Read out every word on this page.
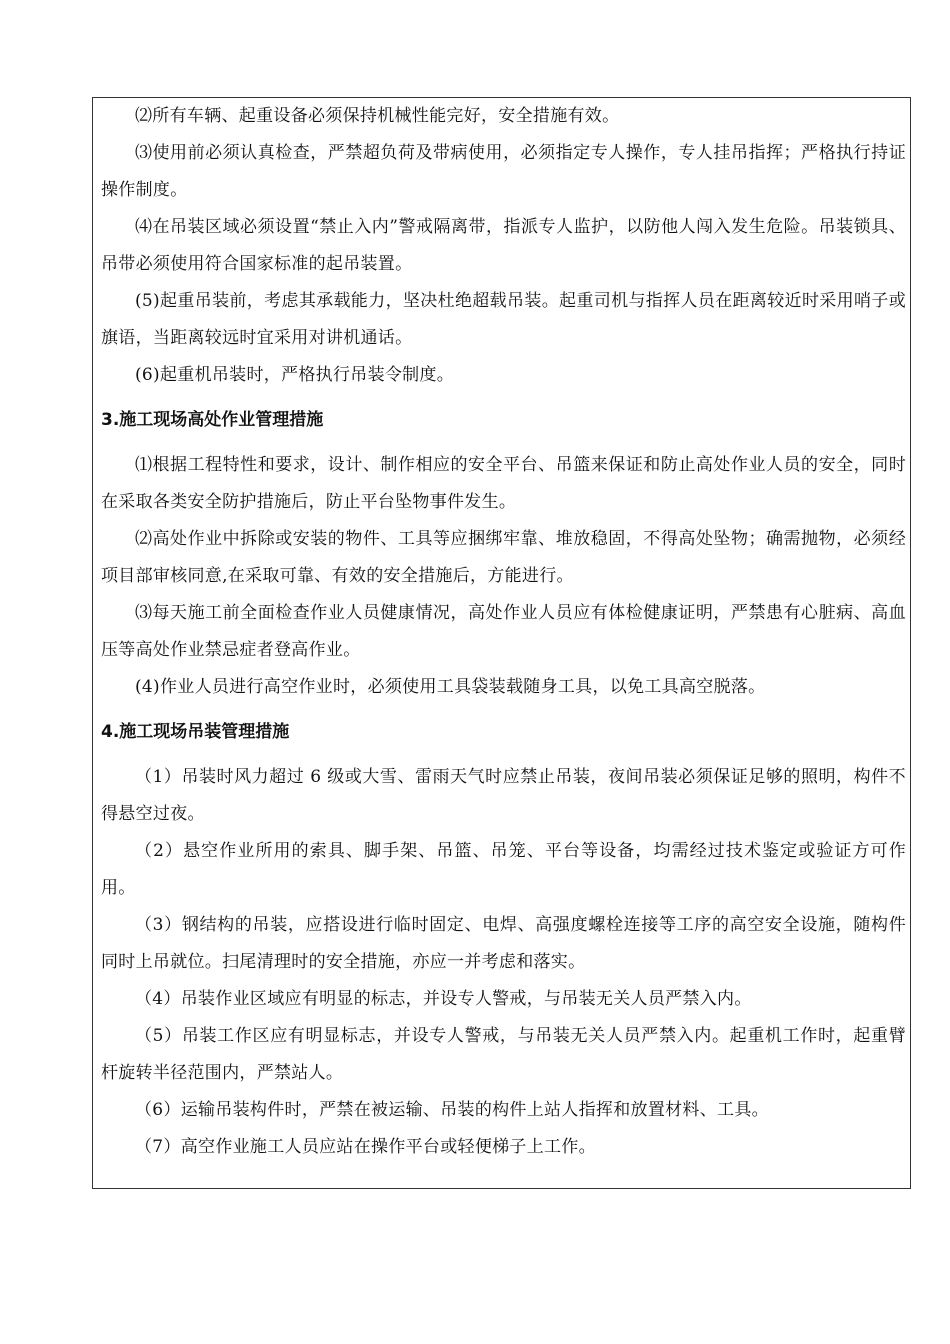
⑵所有车辆、起重设备必须保持机械性能完好，安全措施有效。

⑶使用前必须认真检查，严禁超负荷及带病使用，必须指定专人操作，专人挂吊指挥；严格执行持证操作制度。

⑷在吊装区域必须设置“禁止入内”警戒隔离带，指派专人监护，以防他人闯入发生危险。吊装锁具、吊带必须使用符合国家标准的起吊装置。

(5)起重吊装前，考虑其承载能力，坚决杜绝超载吊装。起重司机与指挥人员在距离较近时采用哨子或旗语，当距离较远时宜采用对讲机通话。

(6)起重机吊装时，严格执行吊装令制度。

3.施工现场高处作业管理措施

⑴根据工程特性和要求，设计、制作相应的安全平台、吊篮来保证和防止高处作业人员的安全，同时在采取各类安全防护措施后，防止平台坠物事件发生。

⑵高处作业中拆除或安装的物件、工具等应捆绑牢靠、堆放稳固，不得高处坠物；确需抛物，必须经项目部审核同意,在采取可靠、有效的安全措施后，方能进行。

⑶每天施工前全面检查作业人员健康情况，高处作业人员应有体检健康证明，严禁患有心脏病、高血压等高处作业禁忌症者登高作业。

(4)作业人员进行高空作业时，必须使用工具袋装载随身工具，以免工具高空脱落。

4.施工现场吊装管理措施

（1）吊装时风力超过 6 级或大雪、雷雨天气时应禁止吊装，夜间吊装必须保证足够的照明，构件不得悬空过夜。

（2）悬空作业所用的索具、脚手架、吊篮、吊笼、平台等设备，均需经过技术鉴定或验证方可作用。

（3）钢结构的吊装，应搭设进行临时固定、电焊、高强度螺栓连接等工序的高空安全设施，随构件同时上吊就位。扫尾清理时的安全措施，亦应一并考虑和落实。

（4）吊装作业区域应有明显的标志，并设专人警戒，与吊装无关人员严禁入内。

（5）吊装工作区应有明显标志，并设专人警戒，与吊装无关人员严禁入内。起重机工作时，起重臂杆旋转半径范围内，严禁站人。

（6）运输吊装构件时，严禁在被运输、吊装的构件上站人指挥和放置材料、工具。

（7）高空作业施工人员应站在操作平台或轻便梯子上工作。
